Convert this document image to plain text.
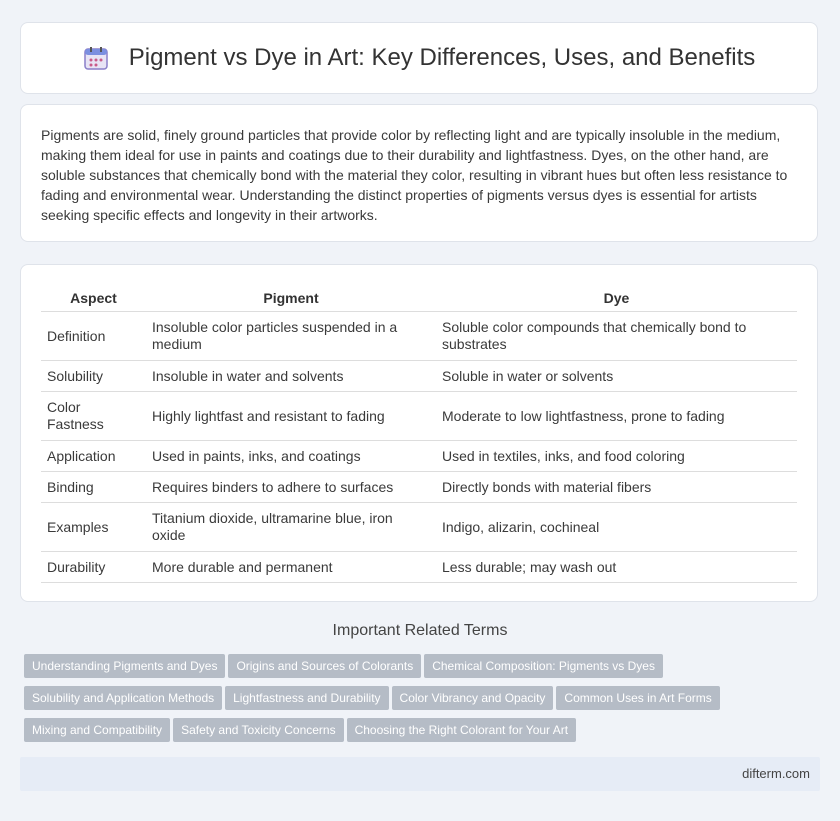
Pigment vs Dye in Art: Key Differences, Uses, and Benefits

Pigments are solid, finely ground particles that provide color by reflecting light and are typically insoluble in the medium, making them ideal for use in paints and coatings due to their durability and lightfastness. Dyes, on the other hand, are soluble substances that chemically bond with the material they color, resulting in vibrant hues but often less resistance to fading and environmental wear. Understanding the distinct properties of pigments versus dyes is essential for artists seeking specific effects and longevity in their artworks.

Aspect	Pigment	Dye
Definition	Insoluble color particles suspended in a medium	Soluble color compounds that chemically bond to substrates
Solubility	Insoluble in water and solvents	Soluble in water or solvents
Color Fastness	Highly lightfast and resistant to fading	Moderate to low lightfastness, prone to fading
Application	Used in paints, inks, and coatings	Used in textiles, inks, and food coloring
Binding	Requires binders to adhere to surfaces	Directly bonds with material fibers
Examples	Titanium dioxide, ultramarine blue, iron oxide	Indigo, alizarin, cochineal
Durability	More durable and permanent	Less durable; may wash out
Important Related Terms
Understanding Pigments and Dyes Origins and Sources of Colorants Chemical Composition: Pigments vs Dyes
Solubility and Application Methods Lightfastness and Durability Color Vibrancy and Opacity Common Uses in Art Forms
Mixing and Compatibility Safety and Toxicity Concerns Choosing the Right Colorant for Your Art
difterm.com
